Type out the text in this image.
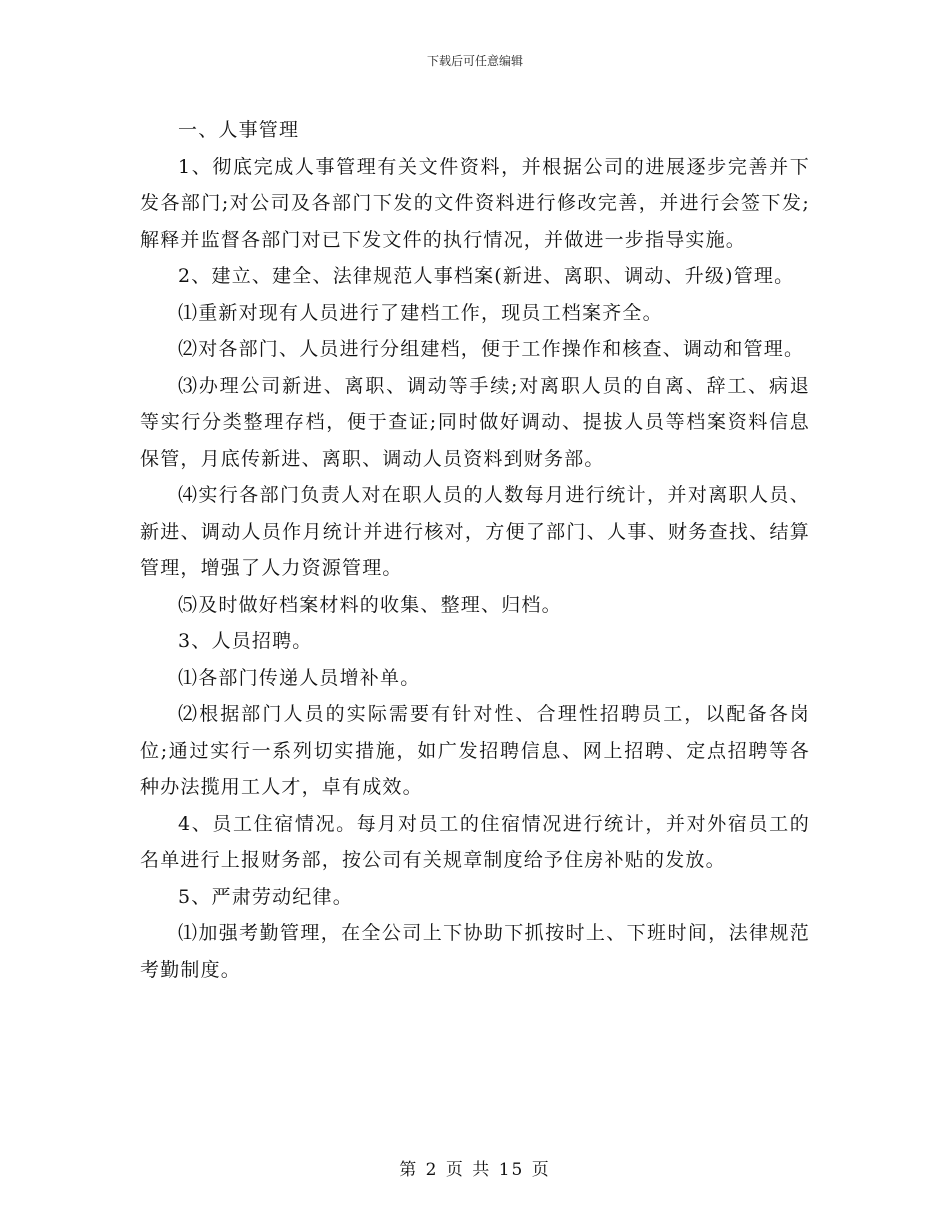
下载后可任意编辑

一、人事管理

1、彻底完成人事管理有关文件资料，并根据公司的进展逐步完善并下发各部门;对公司及各部门下发的文件资料进行修改完善，并进行会签下发;解释并监督各部门对已下发文件的执行情况，并做进一步指导实施。

2、建立、建全、法律规范人事档案(新进、离职、调动、升级)管理。

⑴重新对现有人员进行了建档工作，现员工档案齐全。

⑵对各部门、人员进行分组建档，便于工作操作和核查、调动和管理。

⑶办理公司新进、离职、调动等手续;对离职人员的自离、辞工、病退等实行分类整理存档，便于查证;同时做好调动、提拔人员等档案资料信息保管，月底传新进、离职、调动人员资料到财务部。

⑷实行各部门负责人对在职人员的人数每月进行统计，并对离职人员、新进、调动人员作月统计并进行核对，方便了部门、人事、财务查找、结算管理，增强了人力资源管理。

⑸及时做好档案材料的收集、整理、归档。

3、人员招聘。

⑴各部门传递人员增补单。

⑵根据部门人员的实际需要有针对性、合理性招聘员工，以配备各岗位;通过实行一系列切实措施，如广发招聘信息、网上招聘、定点招聘等各种办法揽用工人才，卓有成效。

4、员工住宿情况。每月对员工的住宿情况进行统计，并对外宿员工的名单进行上报财务部，按公司有关规章制度给予住房补贴的发放。

5、严肃劳动纪律。

⑴加强考勤管理，在全公司上下协助下抓按时上、下班时间，法律规范考勤制度。

第 2 页 共 15 页
